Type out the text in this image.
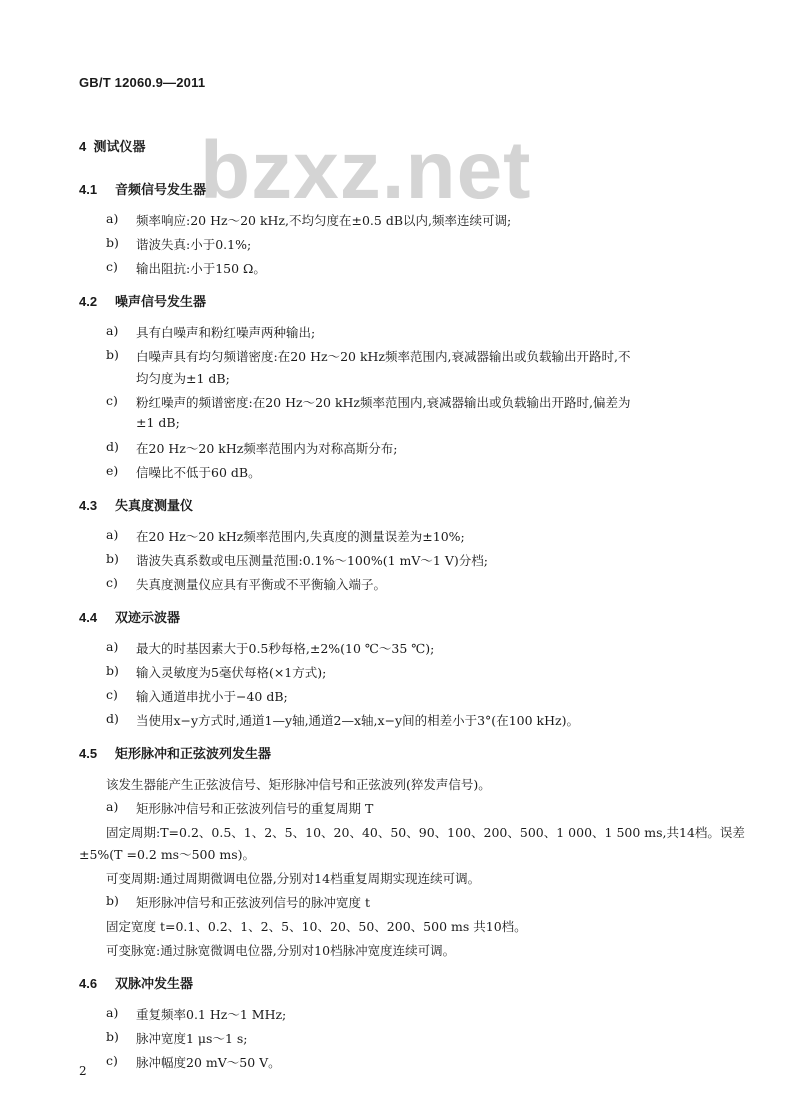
GB/T 12060.9—2011
bzxz.net
4 测试仪器
4.1 音频信号发生器
a) 频率响应:20 Hz～20 kHz,不均匀度在±0.5 dB以内,频率连续可调;
b) 谐波失真:小于0.1%;
c) 输出阻抗:小于150 Ω。
4.2 噪声信号发生器
a) 具有白噪声和粉红噪声两种输出;
b) 白噪声具有均匀频谱密度:在20 Hz～20 kHz频率范围内,衰减器输出或负载输出开路时,不
均匀度为±1 dB;
c) 粉红噪声的频谱密度:在20 Hz～20 kHz频率范围内,衰减器输出或负载输出开路时,偏差为
±1 dB;
d) 在20 Hz～20 kHz频率范围内为对称高斯分布;
e) 信噪比不低于60 dB。
4.3 失真度测量仪
a) 在20 Hz～20 kHz频率范围内,失真度的测量误差为±10%;
b) 谐波失真系数或电压测量范围:0.1%～100%(1 mV～1 V)分档;
c) 失真度测量仪应具有平衡或不平衡输入端子。
4.4 双迹示波器
a) 最大的时基因素大于0.5秒每格,±2%(10 ℃～35 ℃);
b) 输入灵敏度为5毫伏每格(×1方式);
c) 输入通道串扰小于−40 dB;
d) 当使用x−y方式时,通道1—y轴,通道2—x轴,x−y间的相差小于3°(在100 kHz)。
4.5 矩形脉冲和正弦波列发生器
该发生器能产生正弦波信号、矩形脉冲信号和正弦波列(猝发声信号)。
a) 矩形脉冲信号和正弦波列信号的重复周期 T
固定周期:T=0.2、0.5、1、2、5、10、20、40、50、90、100、200、500、1 000、1 500 ms,共14档。误差
±5%(T =0.2 ms～500 ms)。
可变周期:通过周期微调电位器,分别对14档重复周期实现连续可调。
b) 矩形脉冲信号和正弦波列信号的脉冲宽度 t
固定宽度 t=0.1、0.2、1、2、5、10、20、50、200、500 ms 共10档。
可变脉宽:通过脉宽微调电位器,分别对10档脉冲宽度连续可调。
4.6 双脉冲发生器
a) 重复频率0.1 Hz～1 MHz;
b) 脉冲宽度1 μs～1 s;
c) 脉冲幅度20 mV～50 V。
2
